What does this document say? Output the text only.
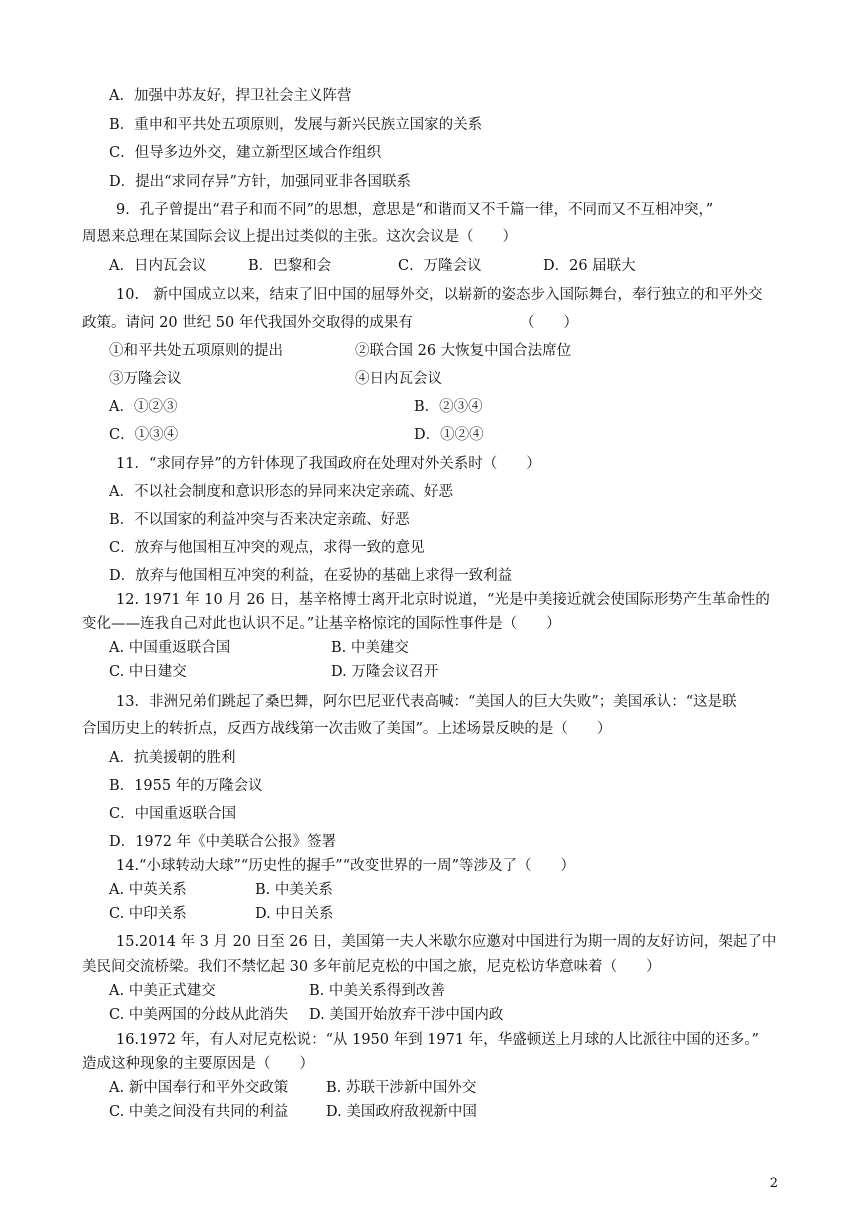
A．加强中苏友好，捍卫社会主义阵营
B．重申和平共处五项原则，发展与新兴民族立国家的关系
C．但导多边外交，建立新型区域合作组织
D．提出“求同存异”方针，加强同亚非各国联系
9．孔子曾提出“君子和而不同”的思想，意思是“和谐而又不千篇一律，不同而又不互相冲突，”
周恩来总理在某国际会议上提出过类似的主张。这次会议是（　　）
A．日内瓦会议	B．巴黎和会	C．万隆会议	D．26 届联大
10.　新中国成立以来，结束了旧中国的屈辱外交，以崭新的姿态步入国际舞台，奉行独立的和平外交
政策。请问 20 世纪 50 年代我国外交取得的成果有	（　　）
①和平共处五项原则的提出	②联合国 26 大恢复中国合法席位
③万隆会议	④日内瓦会议
A．①②③	B．②③④
C．①③④	D．①②④
11．“求同存异”的方针体现了我国政府在处理对外关系时（　　）
A．不以社会制度和意识形态的异同来决定亲疏、好恶
B．不以国家的利益冲突与否来决定亲疏、好恶
C．放弃与他国相互冲突的观点，求得一致的意见
D．放弃与他国相互冲突的利益，在妥协的基础上求得一致利益
12. 1971 年 10 月 26 日，基辛格博士离开北京时说道，“光是中美接近就会使国际形势产生革命性的
变化——连我自己对此也认识不足。”让基辛格惊诧的国际性事件是（　　）
A. 中国重返联合国	B. 中美建交
C. 中日建交	D. 万隆会议召开
13．非洲兄弟们跳起了桑巴舞，阿尔巴尼亚代表高喊：“美国人的巨大失败”；美国承认：“这是联
合国历史上的转折点，反西方战线第一次击败了美国”。上述场景反映的是（　　）
A．抗美援朝的胜利
B．1955 年的万隆会议
C．中国重返联合国
D．1972 年《中美联合公报》签署
14.“小球转动大球”“历史性的握手”“改变世界的一周”等涉及了（　　）
A. 中英关系	B. 中美关系
C. 中印关系	D. 中日关系
15.2014 年 3 月 20 日至 26 日，美国第一夫人米歇尔应邀对中国进行为期一周的友好访问，架起了中
美民间交流桥梁。我们不禁忆起 30 多年前尼克松的中国之旅，尼克松访华意味着（　　）
A. 中美正式建交	B. 中美关系得到改善
C. 中美两国的分歧从此消失 D. 美国开始放弃干涉中国内政
16.1972 年，有人对尼克松说：“从 1950 年到 1971 年，华盛顿送上月球的人比派往中国的还多。”
造成这种现象的主要原因是（　　）
A. 新中国奉行和平外交政策	B. 苏联干涉新中国外交
C. 中美之间没有共同的利益	D. 美国政府敌视新中国
2
